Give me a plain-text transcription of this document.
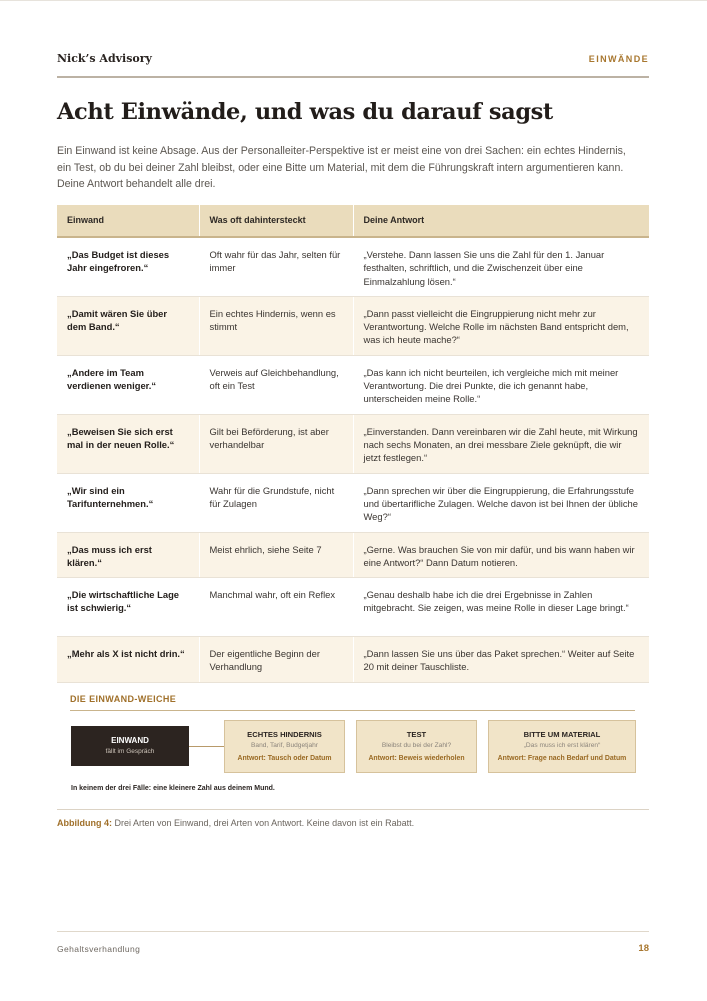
Nick’s Advisory	EINWÄNDE
Acht Einwände, und was du darauf sagst

Ein Einwand ist keine Absage. Aus der Personalleiter-Perspektive ist er meist eine von drei Sachen: ein echtes Hindernis, ein Test, ob du bei deiner Zahl bleibst, oder eine Bitte um Material, mit dem die Führungskraft intern argumentieren kann. Deine Antwort behandelt alle drei.

Einwand	Was oft dahintersteckt	Deine Antwort
„Das Budget ist dieses Jahr eingefroren.“	Oft wahr für das Jahr, selten für immer	„Verstehe. Dann lassen Sie uns die Zahl für den 1. Januar festhalten, schriftlich, und die Zwischenzeit über eine Einmalzahlung lösen.“
„Damit wären Sie über dem Band.“	Ein echtes Hindernis, wenn es stimmt	„Dann passt vielleicht die Eingruppierung nicht mehr zur Verantwortung. Welche Rolle im nächsten Band entspricht dem, was ich heute mache?“
„Andere im Team verdienen weniger.“	Verweis auf Gleichbehandlung, oft ein Test	„Das kann ich nicht beurteilen, ich vergleiche mich mit meiner Verantwortung. Die drei Punkte, die ich genannt habe, unterscheiden meine Rolle.“
„Beweisen Sie sich erst mal in der neuen Rolle.“	Gilt bei Beförderung, ist aber verhandelbar	„Einverstanden. Dann vereinbaren wir die Zahl heute, mit Wirkung nach sechs Monaten, an drei messbare Ziele geknüpft, die wir jetzt festlegen.“
„Wir sind ein Tarifunternehmen.“	Wahr für die Grundstufe, nicht für Zulagen	„Dann sprechen wir über die Eingruppierung, die Erfahrungsstufe und übertarifliche Zulagen. Welche davon ist bei Ihnen der übliche Weg?“
„Das muss ich erst klären.“	Meist ehrlich, siehe Seite 7	„Gerne. Was brauchen Sie von mir dafür, und bis wann haben wir eine Antwort?“ Dann Datum notieren.
„Die wirtschaftliche Lage ist schwierig.“	Manchmal wahr, oft ein Reflex	„Genau deshalb habe ich die drei Ergebnisse in Zahlen mitgebracht. Sie zeigen, was meine Rolle in dieser Lage bringt.“
„Mehr als X ist nicht drin.“	Der eigentliche Beginn der Verhandlung	„Dann lassen Sie uns über das Paket sprechen.“ Weiter auf Seite 20 mit deiner Tauschliste.
DIE EINWAND-WEICHE
EINWAND
fällt im Gespräch
ECHTES HINDERNIS
Band, Tarif, Budgetjahr
Antwort: Tausch oder Datum
TEST
Bleibst du bei der Zahl?
Antwort: Beweis wiederholen
BITTE UM MATERIAL
„Das muss ich erst klären“
Antwort: Frage nach Bedarf und Datum
In keinem der drei Fälle: eine kleinere Zahl aus deinem Mund.
Abbildung 4: Drei Arten von Einwand, drei Arten von Antwort. Keine davon ist ein Rabatt.
Gehaltsverhandlung	18
